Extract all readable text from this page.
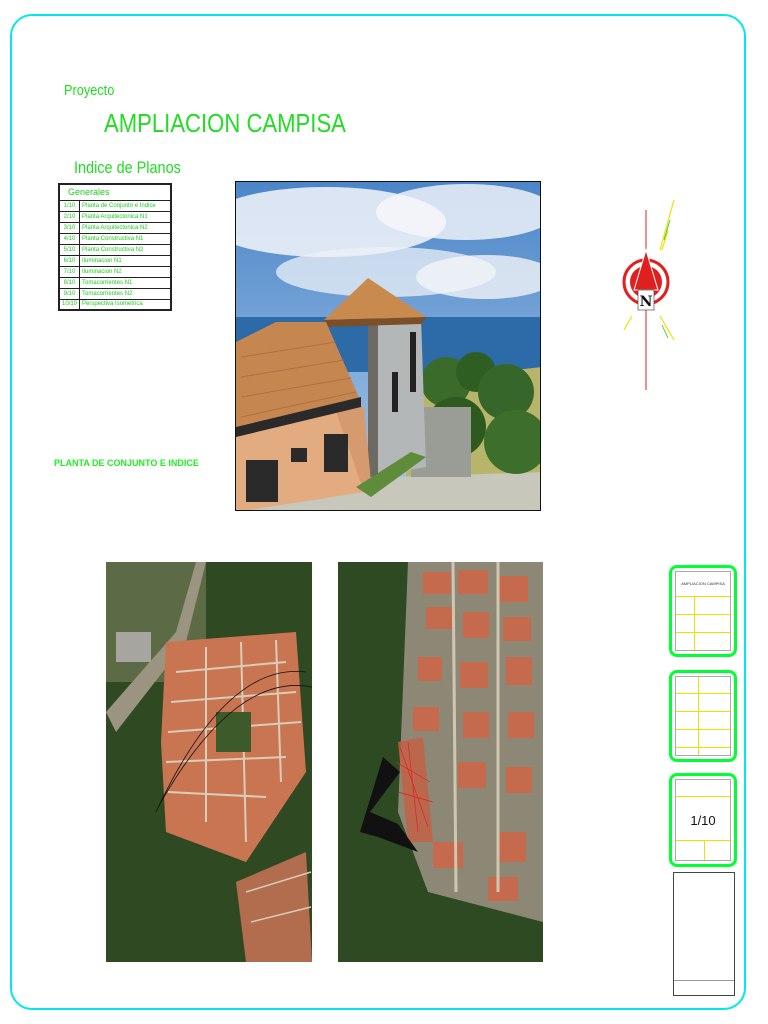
Proyecto
AMPLIACION CAMPISA
Indice de Planos
Generales	
1/10	Planta de Conjunto e Indice
2/10	Planta Arquitectonica N1
3/10	Planta Arquitectonica N2
4/10	Planta Constructiva N1
5/10	Planta Constructiva N2
6/10	Iluminacion N1
7/10	Iluminacion N2
8/10	Tomacorrientes N1
9/10	Tomacorrientes N2
10/10	Perspectiva Isometrica
PLANTA DE CONJUNTO E INDICE
N
AMPLIACION CAMPISA
1/10
